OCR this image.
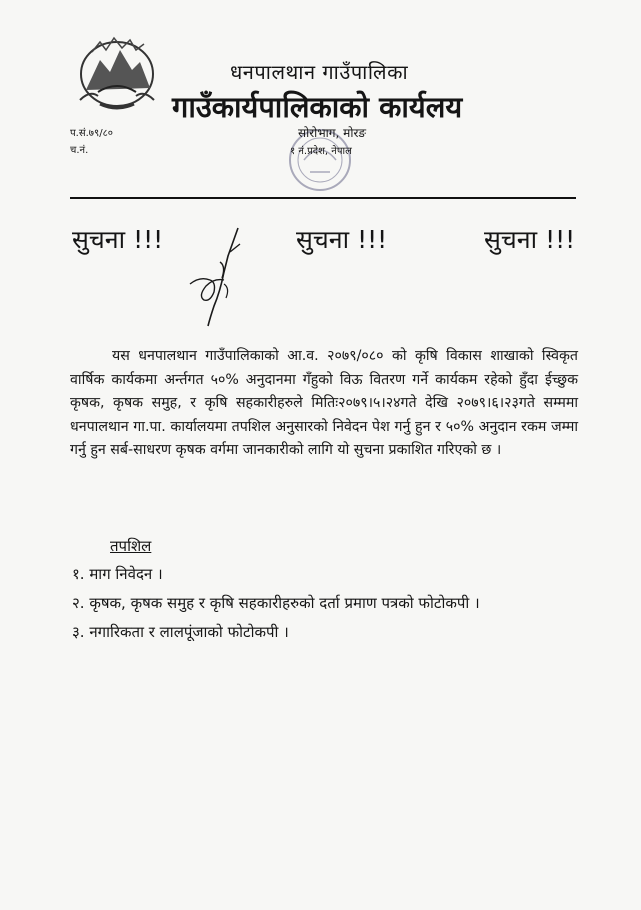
धनपालथान गाउँपालिका
गाउँकार्यपालिकाको कार्यलय
प.सं.७९/८०
च.नं.
सोरोभाग, मोरङ
१ नं.प्रदेश, नेपाल
सुचना !!!	सुचना !!!	सुचना !!!

यस धनपालथान गाउँपालिकाको आ.व. २०७९/०८० को कृषि विकास शाखाको स्विकृत वार्षिक कार्यकमा अर्न्तगत ५०% अनुदानमा गँहुको विऊ वितरण गर्ने कार्यकम रहेको हुँदा ईच्छुक कृषक, कृषक समुह, र कृषि सहकारीहरुले मितिः२०७९।५।२४गते देखि २०७९।६।२३गते सम्ममा धनपालथान गा.पा. कार्यालयमा तपशिल अनुसारको निवेदन पेश गर्नु हुन र ५०% अनुदान रकम जम्मा गर्नु हुन सर्ब-साधरण कृषक वर्गमा जानकारीको लागि यो सुचना प्रकाशित गरिएको छ ।

तपशिल
१. माग निवेदन ।
२. कृषक, कृषक समुह र कृषि सहकारीहरुको दर्ता प्रमाण पत्रको फोटोकपी ।
३. नगारिकता र लालपूंजाको फोटोकपी ।
